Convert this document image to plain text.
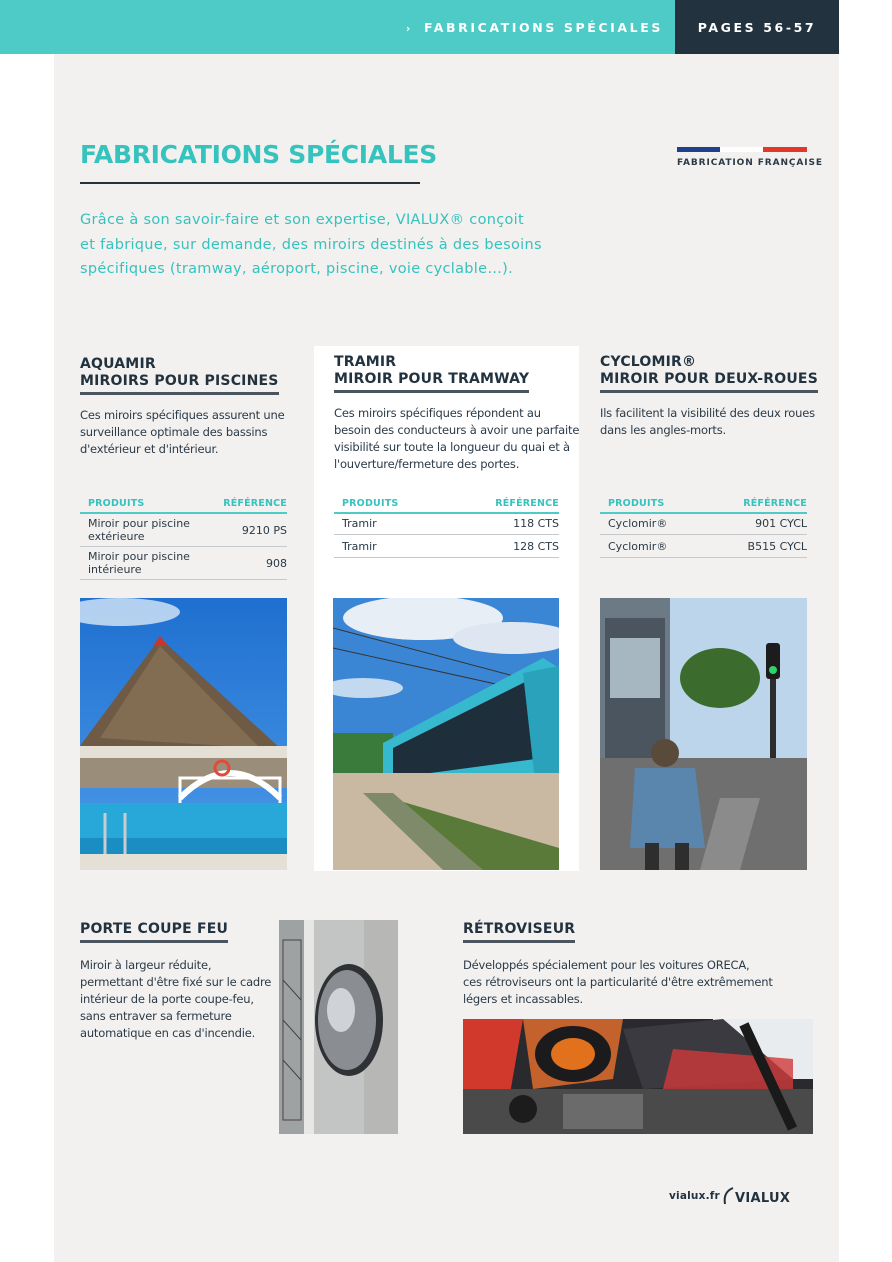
› FABRICATIONS SPÉCIALES	PAGES 56-57
FABRICATIONS SPÉCIALES	FABRICATION FRANÇAISE
Grâce à son savoir-faire et son expertise, VIALUX® conçoit
et fabrique, sur demande, des miroirs destinés à des besoins
spécifiques (tramway, aéroport, piscine, voie cyclable…).
AQUAMIR
MIROIRS POUR PISCINES
Ces miroirs spécifiques assurent une
surveillance optimale des bassins
d'extérieur et d'intérieur.
PRODUITS	RÉFÉRENCE
Miroir pour piscine
extérieure	9210 PS
Miroir pour piscine
intérieure	908
TRAMIR
MIROIR POUR TRAMWAY
Ces miroirs spécifiques répondent au
besoin des conducteurs à avoir une parfaite
visibilité sur toute la longueur du quai et à
l'ouverture/fermeture des portes.
PRODUITS	RÉFÉRENCE
Tramir	118 CTS
Tramir	128 CTS
CYCLOMIR®
MIROIR POUR DEUX-ROUES
Ils facilitent la visibilité des deux roues
dans les angles-morts.
PRODUITS	RÉFÉRENCE
Cyclomir®	901 CYCL
Cyclomir®	B515 CYCL
PORTE COUPE FEU
Miroir à largeur réduite,
permettant d'être fixé sur le cadre
intérieur de la porte coupe-feu,
sans entraver sa fermeture
automatique en cas d'incendie.
RÉTROVISEUR
Développés spécialement pour les voitures ORECA,
ces rétroviseurs ont la particularité d'être extrêmement
légers et incassables.
vialux.fr	VIALUX
